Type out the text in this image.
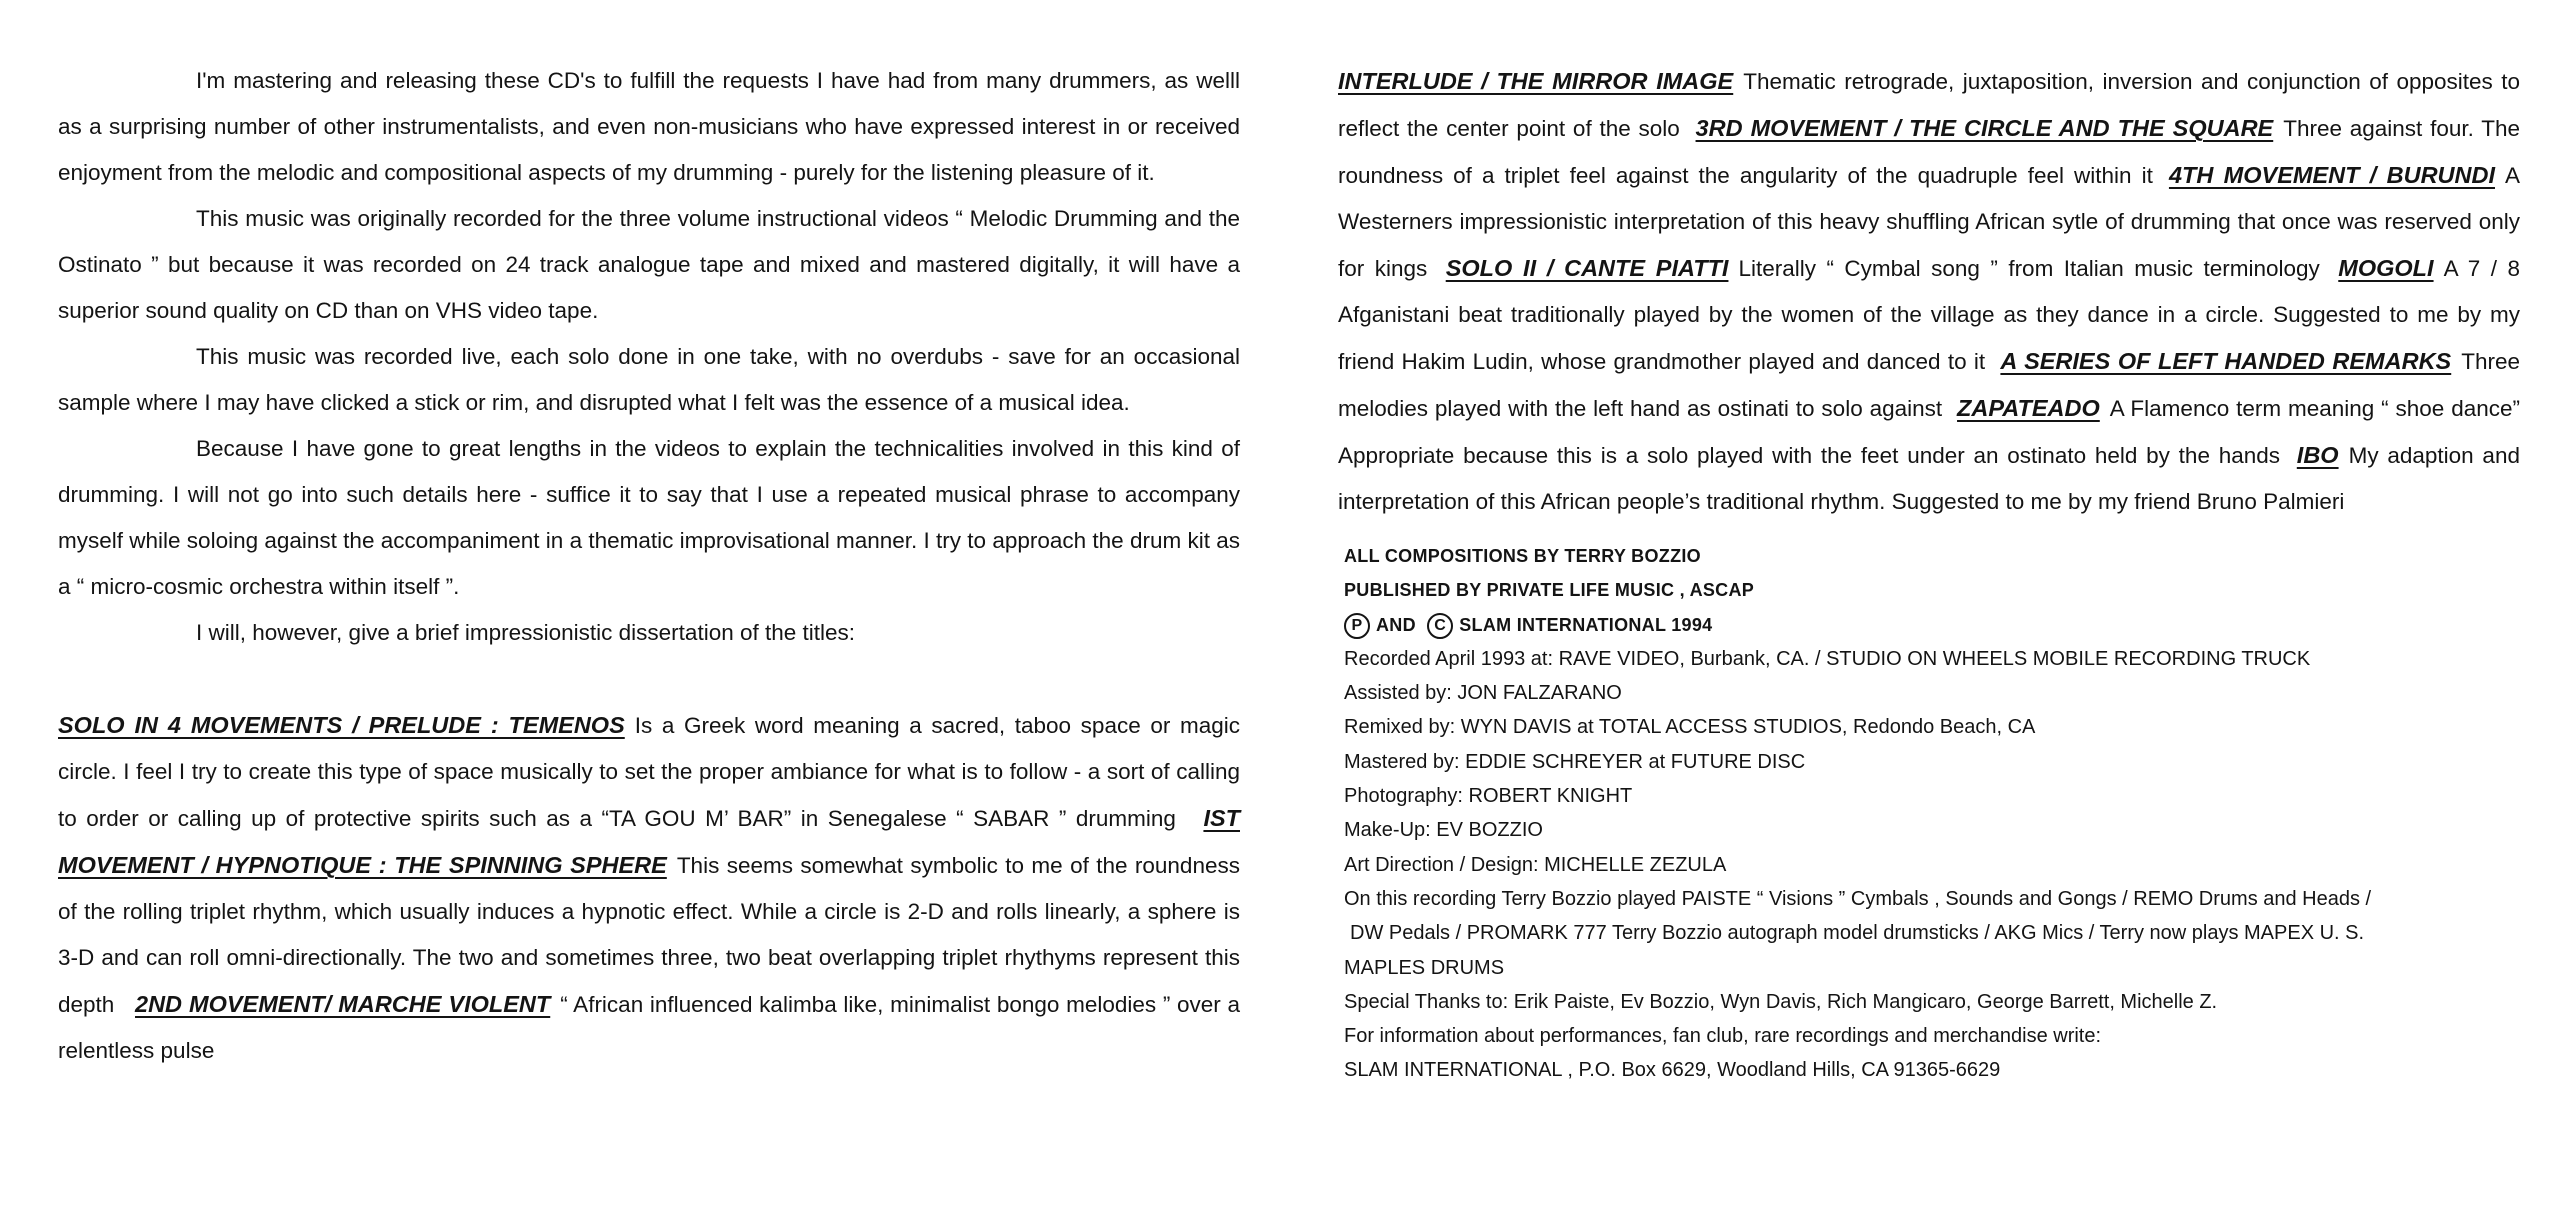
I'm mastering and releasing these CD's to fulfill the requests I have had from many drummers, as welll as a surprising number of other instrumentalists, and even non-musicians who have expressed interest in or received enjoyment from the melodic and compositional aspects of my drumming - purely for the listening pleasure of it.

This music was originally recorded for the three volume instructional videos “ Melodic Drumming and the Ostinato ” but because it was recorded on 24 track analogue tape and mixed and mastered digitally, it will have a superior sound quality on CD than on VHS video tape.

This music was recorded live, each solo done in one take, with no overdubs - save for an occasional sample where I may have clicked a stick or rim, and disrupted what I felt was the essence of a musical idea.

Because I have gone to great lengths in the videos to explain the technicalities involved in this kind of drumming. I will not go into such details here - suffice it to say that I use a repeated musical phrase to accompany myself while soloing against the accompaniment in a thematic improvisational manner. I try to approach the drum kit as a “ micro-cosmic orchestra within itself ”.

I will, however, give a brief impressionistic dissertation of the titles:

SOLO IN 4 MOVEMENTS / PRELUDE : TEMENOS Is a Greek word meaning a sacred, taboo space or magic circle. I feel I try to create this type of space musically to set the proper ambiance for what is to follow - a sort of calling to order or calling up of protective spirits such as a “TA GOU M’ BAR” in Senegalese “ SABAR ” drumming IST MOVEMENT / HYPNOTIQUE : THE SPINNING SPHERE This seems somewhat symbolic to me of the roundness of the rolling triplet rhythm, which usually induces a hypnotic effect. While a circle is 2-D and rolls linearly, a sphere is 3-D and can roll omni-directionally. The two and sometimes three, two beat overlapping triplet rhythyms represent this depth 2ND MOVEMENT/ MARCHE VIOLENT “ African influenced kalimba like, minimalist bongo melodies ” over a relentless pulse

INTERLUDE / THE MIRROR IMAGE Thematic retrograde, juxtaposition, inversion and conjunction of opposites to reflect the center point of the solo 3RD MOVEMENT / THE CIRCLE AND THE SQUARE Three against four. The roundness of a triplet feel against the angularity of the quadruple feel within it 4TH MOVEMENT / BURUNDI A Westerners impressionistic interpretation of this heavy shuffling African sytle of drumming that once was reserved only for kings SOLO II / CANTE PIATTI Literally “ Cymbal song ” from Italian music terminology MOGOLI A 7 / 8 Afganistani beat traditionally played by the women of the village as they dance in a circle. Suggested to me by my friend Hakim Ludin, whose grandmother played and danced to it A SERIES OF LEFT HANDED REMARKS Three melodies played with the left hand as ostinati to solo against ZAPATEADO A Flamenco term meaning “ shoe dance” Appropriate because this is a solo played with the feet under an ostinato held by the hands IBO My adaption and interpretation of this African people’s traditional rhythm. Suggested to me by my friend Bruno Palmieri

ALL COMPOSITIONS BY TERRY BOZZIO
PUBLISHED BY PRIVATE LIFE MUSIC , ASCAP
P AND C SLAM INTERNATIONAL 1994
Recorded April 1993 at: RAVE VIDEO, Burbank, CA. / STUDIO ON WHEELS MOBILE RECORDING TRUCK
Assisted by: JON FALZARANO
Remixed by: WYN DAVIS at TOTAL ACCESS STUDIOS, Redondo Beach, CA
Mastered by: EDDIE SCHREYER at FUTURE DISC
Photography: ROBERT KNIGHT
Make-Up: EV BOZZIO
Art Direction / Design: MICHELLE ZEZULA
On this recording Terry Bozzio played PAISTE “ Visions ” Cymbals , Sounds and Gongs / REMO Drums and Heads /
DW Pedals / PROMARK 777 Terry Bozzio autograph model drumsticks / AKG Mics / Terry now plays MAPEX U. S.
MAPLES DRUMS
Special Thanks to: Erik Paiste, Ev Bozzio, Wyn Davis, Rich Mangicaro, George Barrett, Michelle Z.
For information about performances, fan club, rare recordings and merchandise write:
SLAM INTERNATIONAL , P.O. Box 6629, Woodland Hills, CA 91365-6629
